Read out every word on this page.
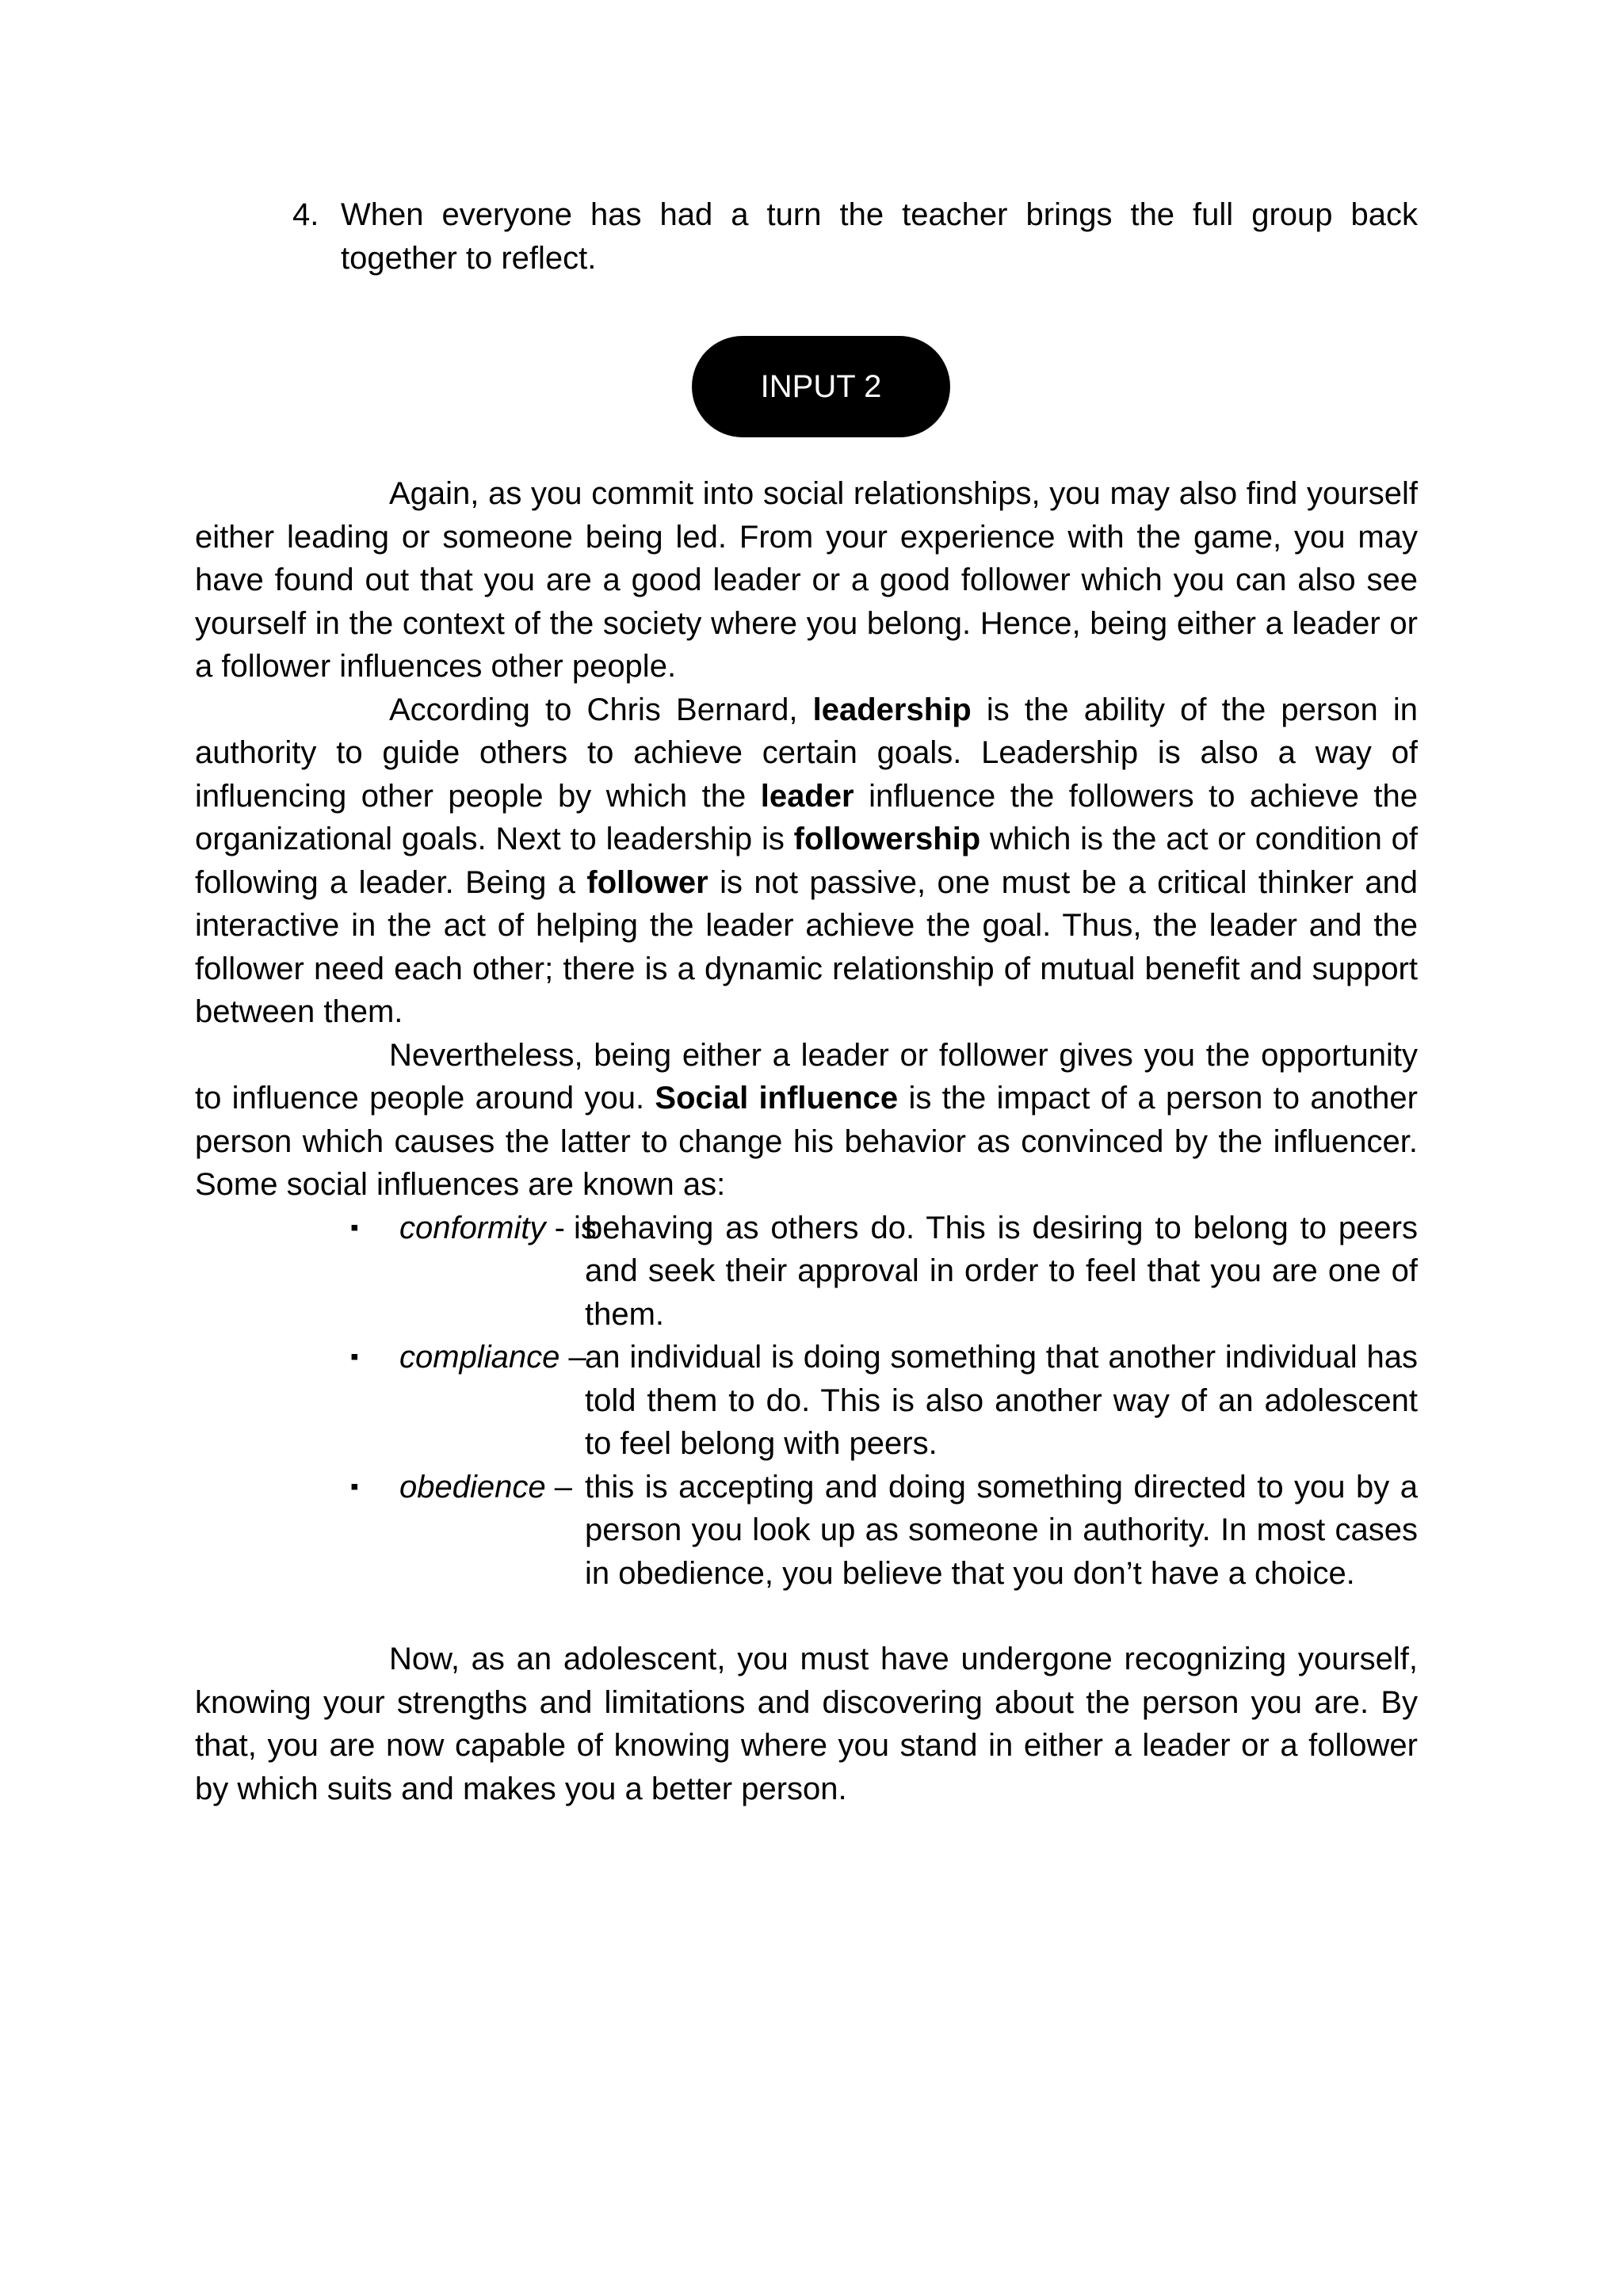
4. When everyone has had a turn the teacher brings the full group back together to reflect.
INPUT 2

Again, as you commit into social relationships, you may also find yourself either leading or someone being led. From your experience with the game, you may have found out that you are a good leader or a good follower which you can also see yourself in the context of the society where you belong. Hence, being either a leader or a follower influences other people.

According to Chris Bernard, leadership is the ability of the person in authority to guide others to achieve certain goals. Leadership is also a way of influencing other people by which the leader influence the followers to achieve the organizational goals. Next to leadership is followership which is the act or condition of following a leader. Being a follower is not passive, one must be a critical thinker and interactive in the act of helping the leader achieve the goal. Thus, the leader and the follower need each other; there is a dynamic relationship of mutual benefit and support between them.

Nevertheless, being either a leader or follower gives you the opportunity to influence people around you. Social influence is the impact of a person to another person which causes the latter to change his behavior as convinced by the influencer. Some social influences are known as:

▪ conformity - is
behaving as others do. This is desiring to belong to peers and seek their approval in order to feel that you are one of them.
▪ compliance –
an individual is doing something that another individual has told them to do. This is also another way of an adolescent to feel belong with peers.
▪ obedience – this is accepting and doing something directed to you by a person you look up as someone in authority. In most cases in obedience, you believe that you don’t have a choice.

Now, as an adolescent, you must have undergone recognizing yourself, knowing your strengths and limitations and discovering about the person you are. By that, you are now capable of knowing where you stand in either a leader or a follower by which suits and makes you a better person.
